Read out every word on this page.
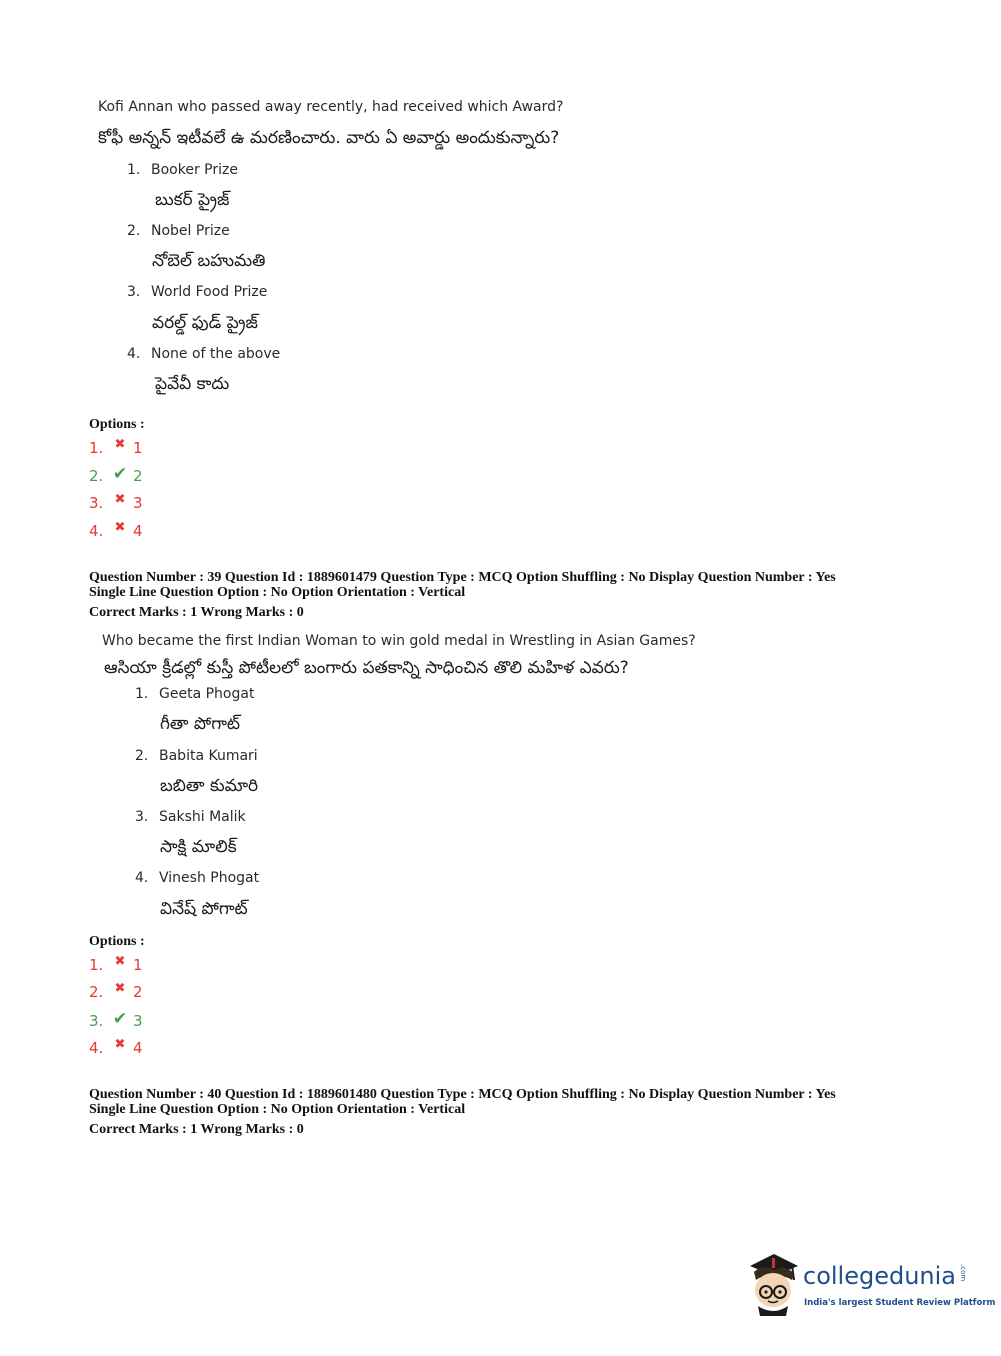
Kofi Annan who passed away recently, had received which Award?
కోఫీ అన్నన్ ఇటీవలే ఉ మరణించారు. వారు ఏ అవార్డు అందుకున్నారు?
1. Booker Prize
బుకర్ ప్రైజ్
2. Nobel Prize
నోబెల్ బహుమతి
3. World Food Prize
వరల్డ్ ఫుడ్ ప్రైజ్
4. None of the above
పైవేవీ కాదు
Options :
1. ✖ 1
2. ✔ 2
3. ✖ 3
4. ✖ 4
Question Number : 39 Question Id : 1889601479 Question Type : MCQ Option Shuffling : No Display Question Number : Yes
Single Line Question Option : No Option Orientation : Vertical
Correct Marks : 1 Wrong Marks : 0
Who became the first Indian Woman to win gold medal in Wrestling in Asian Games?
ఆసియా క్రీడల్లో కుస్తీ పోటీలలో బంగారు పతకాన్ని సాధించిన తొలి మహిళ ఎవరు?
1. Geeta Phogat
గీతా పోగాట్
2. Babita Kumari
బబితా కుమారి
3. Sakshi Malik
సాక్షి మాలిక్
4. Vinesh Phogat
వినేష్ పోగాట్
Options :
1. ✖ 1
2. ✖ 2
3. ✔ 3
4. ✖ 4
Question Number : 40 Question Id : 1889601480 Question Type : MCQ Option Shuffling : No Display Question Number : Yes
Single Line Question Option : No Option Orientation : Vertical
Correct Marks : 1 Wrong Marks : 0
collegedunia .com
India's largest Student Review Platform
